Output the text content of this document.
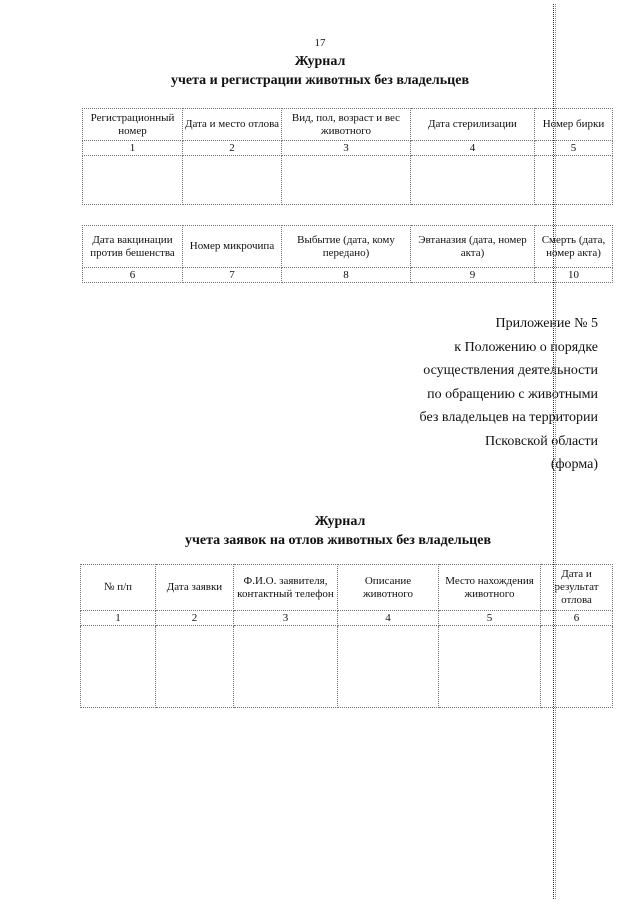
17
Журнал
учета и регистрации животных без владельцев
Регистрационный номер	Дата и место отлова	Вид, пол, возраст и вес животного	Дата стерилизации	Номер бирки
1	2	3	4	5

Дата вакцинации против бешенства	Номер микрочипа	Выбытие (дата, кому передано)	Эвтаназия (дата, номер акта)	Смерть (дата, номер акта)
6	7	8	9	10
Приложение № 5
к Положению о порядке
осуществления деятельности
по обращению с животными
без владельцев на территории
Псковской области
(форма)
Журнал
учета заявок на отлов животных без владельцев
№ п/п	Дата заявки	Ф.И.О. заявителя, контактный телефон	Описание животного	Место нахождения животного	Дата и результат отлова
1	2	3	4	5	6
